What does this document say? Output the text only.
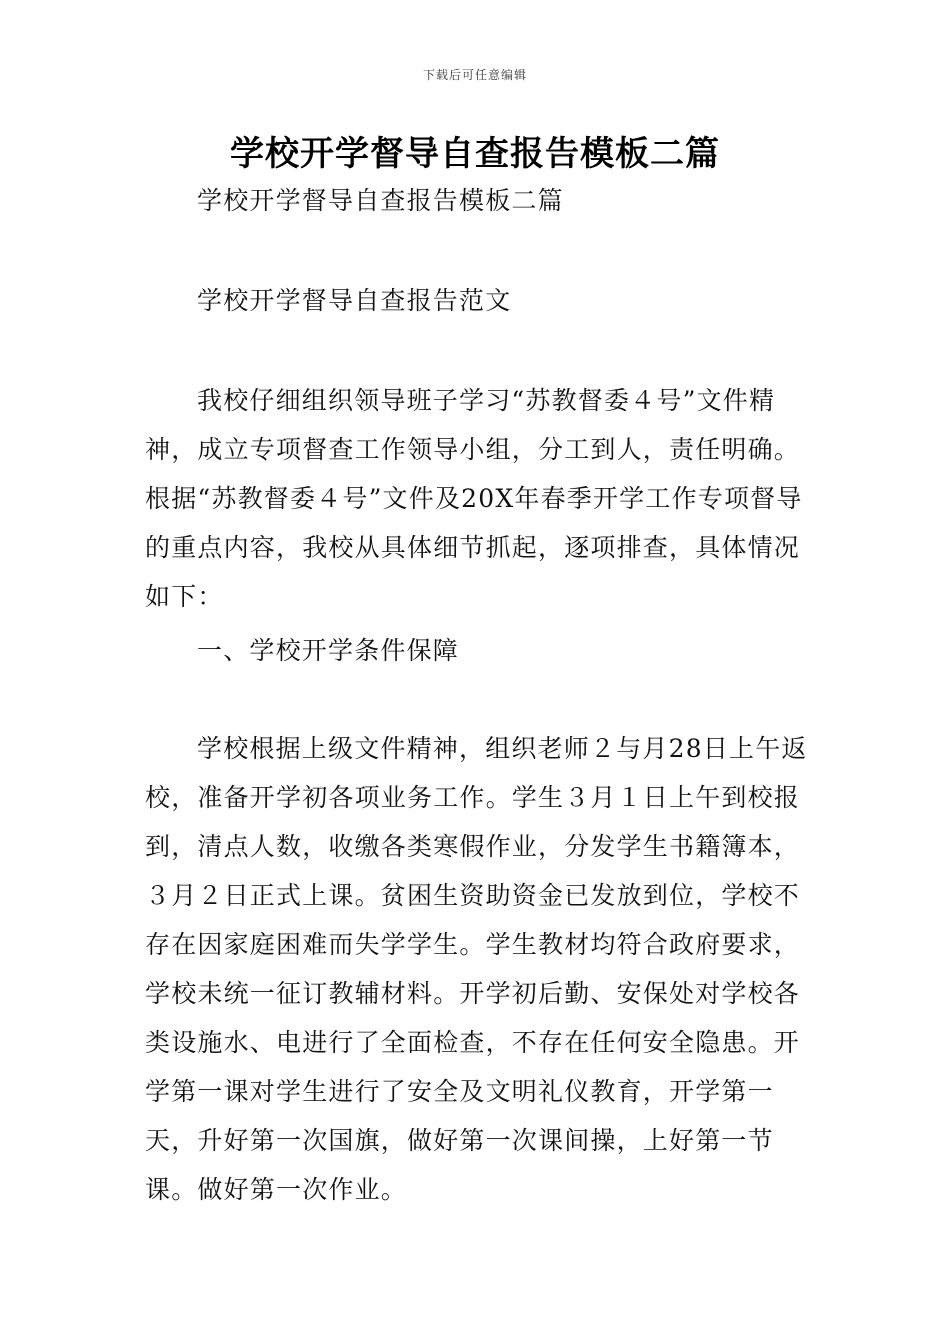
下载后可任意编辑
学校开学督导自查报告模板二篇

学校开学督导自查报告模板二篇

学校开学督导自查报告范文

我校仔细组织领导班子学习“苏教督委４号”文件精神，成立专项督查工作领导小组，分工到人，责任明确。根据“苏教督委４号”文件及20X年春季开学工作专项督导的重点内容，我校从具体细节抓起，逐项排查，具体情况如下：

一、学校开学条件保障

学校根据上级文件精神，组织老师２与月28日上午返校，准备开学初各项业务工作。学生３月１日上午到校报到，清点人数，收缴各类寒假作业，分发学生书籍簿本，３月２日正式上课。贫困生资助资金已发放到位，学校不存在因家庭困难而失学学生。学生教材均符合政府要求，学校未统一征订教辅材料。开学初后勤、安保处对学校各类设施水、电进行了全面检查，不存在任何安全隐患。开学第一课对学生进行了安全及文明礼仪教育，开学第一天，升好第一次国旗，做好第一次课间操，上好第一节课。做好第一次作业。
